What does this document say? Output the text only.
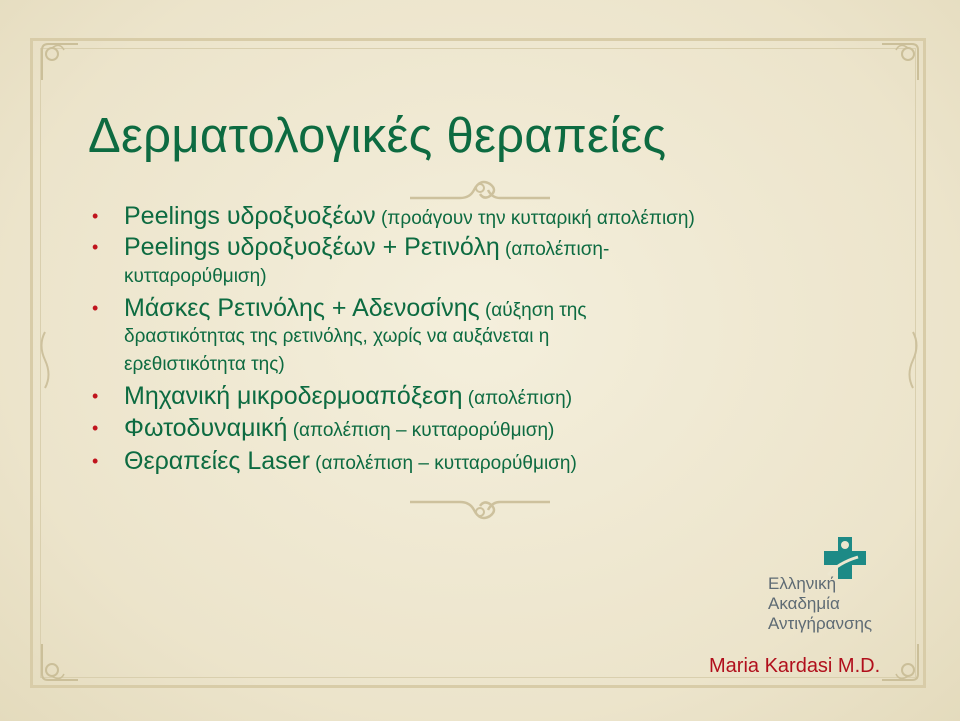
Δερματολογικές θεραπείες
• Peelings υδροξυοξέων (προάγουν την κυτταρική απολέπιση)
• Peelings υδροξυοξέων + Ρετινόλη (απολέπιση-
κυτταρορύθμιση)
• Μάσκες Ρετινόλης + Αδενοσίνης (αύξηση της
δραστικότητας της ρετινόλης, χωρίς να αυξάνεται η
ερεθιστικότητα της)
• Μηχανική μικροδερμοαπόξεση (απολέπιση)
• Φωτοδυναμική (απολέπιση – κυτταρορύθμιση)
• Θεραπείες Laser (απολέπιση – κυτταρορύθμιση)
Ελληνική
Ακαδημία
Αντιγήρανσης
Maria Kardasi M.D.
